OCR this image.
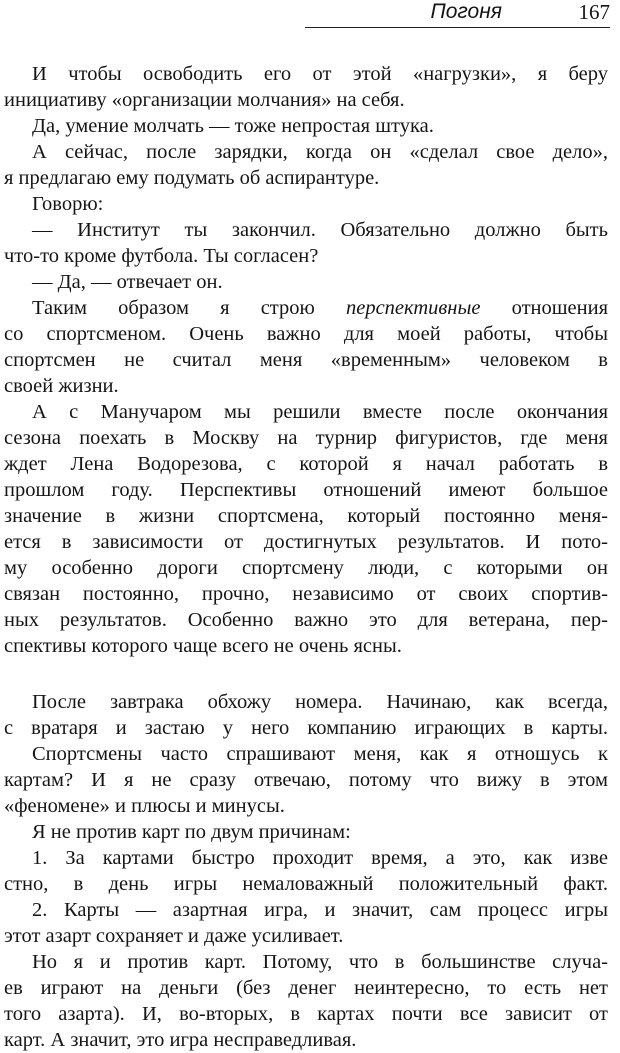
Погоня	167
И чтобы освободить его от этой «нагрузки», я беру
инициативу «организации молчания» на себя.
Да, умение молчать — тоже непростая штука.
А сейчас, после зарядки, когда он «сделал свое дело»,
я предлагаю ему подумать об аспирантуре.
Говорю:
— Институт ты закончил. Обязательно должно быть
что-то кроме футбола. Ты согласен?
— Да, — отвечает он.
Таким образом я строю перспективные отношения
со спортсменом. Очень важно для моей работы, чтобы
спортсмен не считал меня «временным» человеком в
своей жизни.
А с Манучаром мы решили вместе после окончания
сезона поехать в Москву на турнир фигуристов, где меня
ждет Лена Водорезова, с которой я начал работать в
прошлом году. Перспективы отношений имеют большое
значение в жизни спортсмена, который постоянно меня-
ется в зависимости от достигнутых результатов. И пото-
му особенно дороги спортсмену люди, с которыми он
связан постоянно, прочно, независимо от своих спортив-
ных результатов. Особенно важно это для ветерана, пер-
спективы которого чаще всего не очень ясны.
После завтрака обхожу номера. Начинаю, как всегда,
с вратаря и застаю у него компанию играющих в карты.
Спортсмены часто спрашивают меня, как я отношусь к
картам? И я не сразу отвечаю, потому что вижу в этом
«феномене» и плюсы и минусы.
Я не против карт по двум причинам:
1. За картами быстро проходит время, а это, как изве
стно, в день игры немаловажный положительный факт.
2. Карты — азартная игра, и значит, сам процесс игры
этот азарт сохраняет и даже усиливает.
Но я и против карт. Потому, что в большинстве случа-
ев играют на деньги (без денег неинтересно, то есть нет
того азарта). И, во-вторых, в картах почти все зависит от
карт. А значит, это игра несправедливая.
